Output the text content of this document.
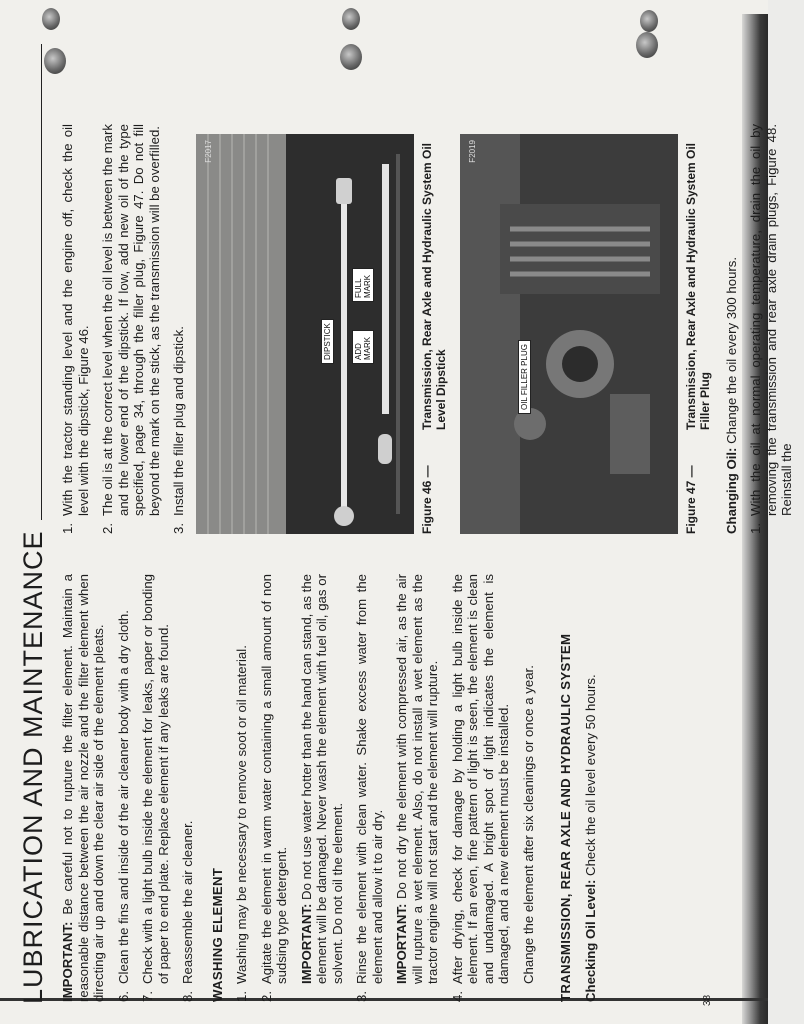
LUBRICATION AND MAINTENANCE IMPORTANT: Be careful not to rupture the filter element. Maintain a reasonable distance between the air nozzle and the filter element when directing air up and down the clear air side of the element pleats. 6.
Clean the fins and inside of the air cleaner body with a dry cloth.
7.
Check with a light bulb inside the element for leaks, paper or bonding of paper to end plate. Replace element if any leaks are found.
8.
Reassemble the air cleaner. WASHING ELEMENT 1.
Washing may be necessary to remove soot or oil material.
2.
Agitate the element in warm water containing a small amount of non sudsing type detergent. IMPORTANT: Do not use water hotter than the hand can stand, as the element will be damaged. Never wash the element with fuel oil, gas or solvent. Do not oil the element.

3.
Rinse the element with clean water. Shake excess water from the element and allow it to air dry. IMPORTANT: Do not dry the element with compressed air, as the air will rupture a wet element. Also, do not install a wet element as the tractor engine will not start and the element will rupture.

4.
After drying, check for damage by holding a light bulb inside the element. If an even, fine pattern of light is seen, the element is clean and undamaged. A bright spot of light indicates the element is damaged, and a new element must be installed. Change the element after six cleanings or once a year. TRANSMISSION, REAR AXLE AND HYDRAULIC SYSTEM Checking Oil Level: Check the oil level every 50 hours.

38
1.
With the tractor standing level and the engine off, check the oil level with the dipstick, Figure 46.
2.
The oil is at the correct level when the oil level is between the mark and the lower end of the dipstick. If low, add new oil of the type specified, page 34, through the filler plug, Figure 47. Do not fill beyond the mark on the stick, as the transmission will be overfilled.
3.
Install the filler plug and dipstick.	DIPSTICK	ADD MARK
FULL MARK
F2017
Figure 46 —
Transmission, Rear Axle and Hydraulic System Oil Level Dipstick	OIL FILLER PLUG
F2019
Figure 47 —
Transmission, Rear Axle and Hydraulic System Oil Filler Plug

Changing Oil: Change the oil every 300 hours.

1.
With the oil at normal operating temperature, drain the oil by removing the transmission and rear axle drain plugs, Figure 48. Reinstall the
